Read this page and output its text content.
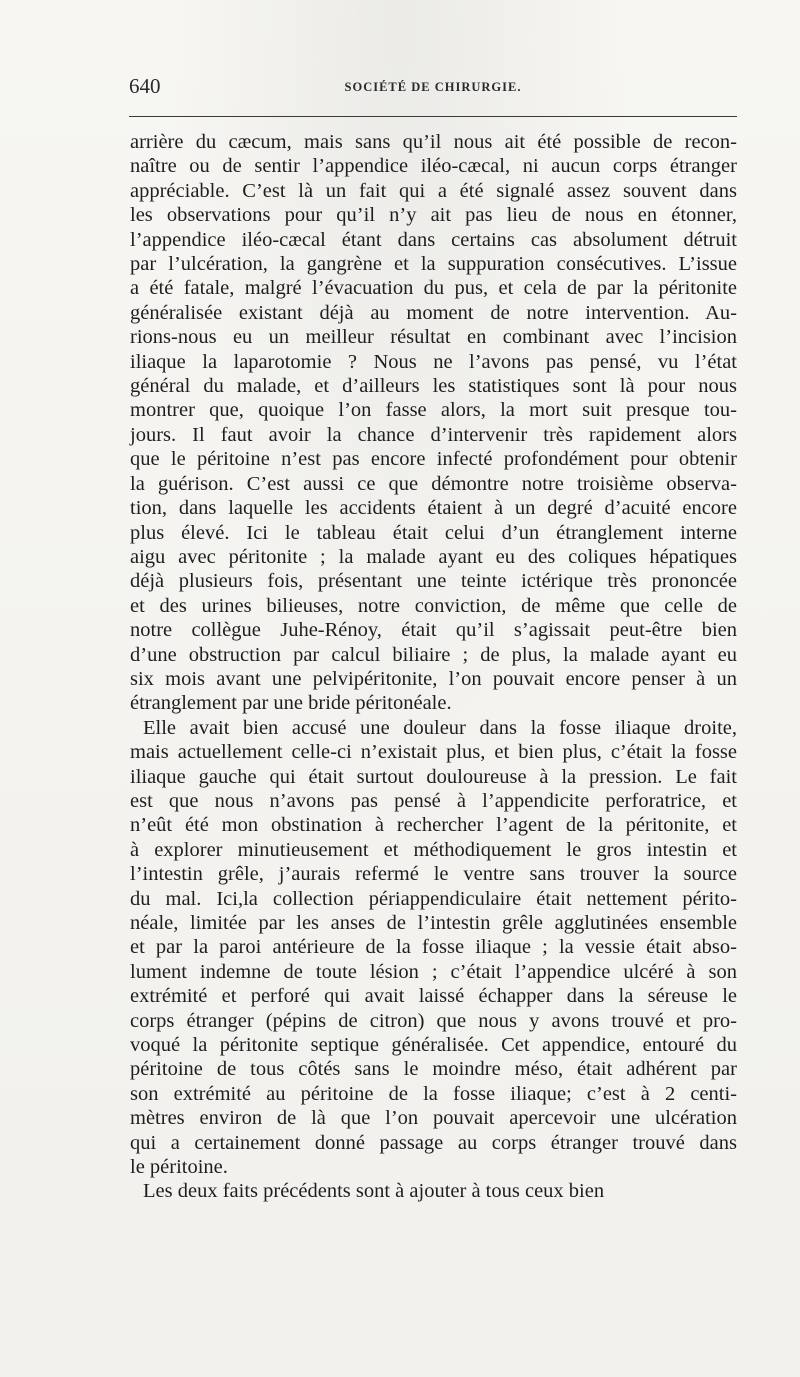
640	SOCIÉTÉ DE CHIRURGIE.

arrière du cæcum, mais sans qu’il nous ait été possible de recon-
naître ou de sentir l’appendice iléo-cæcal, ni aucun corps étranger
appréciable. C’est là un fait qui a été signalé assez souvent dans
les observations pour qu’il n’y ait pas lieu de nous en étonner,
l’appendice iléo-cæcal étant dans certains cas absolument détruit
par l’ulcération, la gangrène et la suppuration consécutives. L’issue
a été fatale, malgré l’évacuation du pus, et cela de par la péritonite
généralisée existant déjà au moment de notre intervention. Au-
rions-nous eu un meilleur résultat en combinant avec l’incision
iliaque la laparotomie ? Nous ne l’avons pas pensé, vu l’état
général du malade, et d’ailleurs les statistiques sont là pour nous
montrer que, quoique l’on fasse alors, la mort suit presque tou-
jours. Il faut avoir la chance d’intervenir très rapidement alors
que le péritoine n’est pas encore infecté profondément pour obtenir
la guérison. C’est aussi ce que démontre notre troisième observa-
tion, dans laquelle les accidents étaient à un degré d’acuité encore
plus élevé. Ici le tableau était celui d’un étranglement interne
aigu avec péritonite ; la malade ayant eu des coliques hépatiques
déjà plusieurs fois, présentant une teinte ictérique très prononcée
et des urines bilieuses, notre conviction, de même que celle de
notre collègue Juhe-Rénoy, était qu’il s’agissait peut-être bien
d’une obstruction par calcul biliaire ; de plus, la malade ayant eu
six mois avant une pelvipéritonite, l’on pouvait encore penser à un
étranglement par une bride péritonéale.

Elle avait bien accusé une douleur dans la fosse iliaque droite,
mais actuellement celle-ci n’existait plus, et bien plus, c’était la fosse
iliaque gauche qui était surtout douloureuse à la pression. Le fait
est que nous n’avons pas pensé à l’appendicite perforatrice, et
n’eût été mon obstination à rechercher l’agent de la péritonite, et
à explorer minutieusement et méthodiquement le gros intestin et
l’intestin grêle, j’aurais refermé le ventre sans trouver la source
du mal. Ici,la collection périappendiculaire était nettement périto-
néale, limitée par les anses de l’intestin grêle agglutinées ensemble
et par la paroi antérieure de la fosse iliaque ; la vessie était abso-
lument indemne de toute lésion ; c’était l’appendice ulcéré à son
extrémité et perforé qui avait laissé échapper dans la séreuse le
corps étranger (pépins de citron) que nous y avons trouvé et pro-
voqué la péritonite septique généralisée. Cet appendice, entouré du
péritoine de tous côtés sans le moindre méso, était adhérent par
son extrémité au péritoine de la fosse iliaque; c’est à 2 centi-
mètres environ de là que l’on pouvait apercevoir une ulcération
qui a certainement donné passage au corps étranger trouvé dans
le péritoine.

Les deux faits précédents sont à ajouter à tous ceux bien
